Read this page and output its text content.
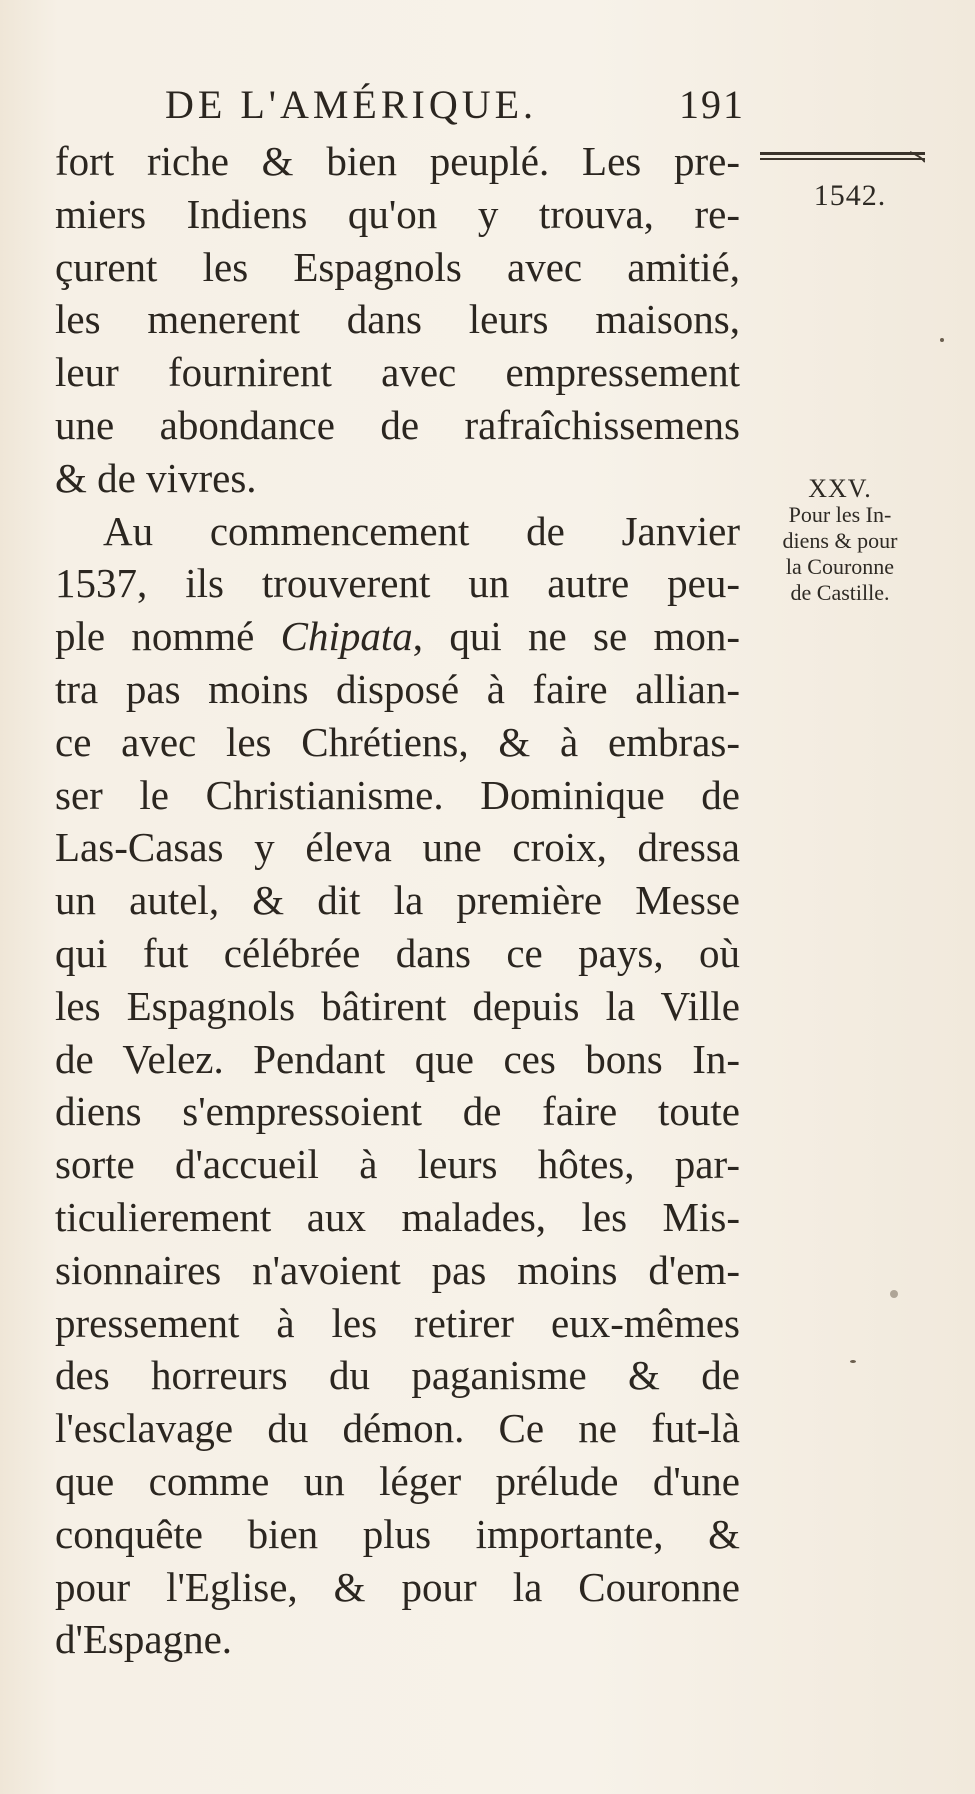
DE L'AMÉRIQUE.	191
1542.
XXV.
Pour les In-
diens & pour
la Couronne
de Castille.
fort riche & bien peuplé. Les pre-
miers Indiens qu'on y trouva, re-
çurent les Espagnols avec amitié,
les menerent dans leurs maisons,
leur fournirent avec empressement
une abondance de rafraîchissemens
& de vivres.
Au commencement de Janvier
1537, ils trouverent un autre peu-
ple nommé Chipata, qui ne se mon-
tra pas moins disposé à faire allian-
ce avec les Chrétiens, & à embras-
ser le Christianisme. Dominique de
Las-Casas y éleva une croix, dressa
un autel, & dit la première Messe
qui fut célébrée dans ce pays, où
les Espagnols bâtirent depuis la Ville
de Velez. Pendant que ces bons In-
diens s'empressoient de faire toute
sorte d'accueil à leurs hôtes, par-
ticulierement aux malades, les Mis-
sionnaires n'avoient pas moins d'em-
pressement à les retirer eux-mêmes
des horreurs du paganisme & de
l'esclavage du démon. Ce ne fut-là
que comme un léger prélude d'une
conquête bien plus importante, &
pour l'Eglise, & pour la Couronne
d'Espagne.
